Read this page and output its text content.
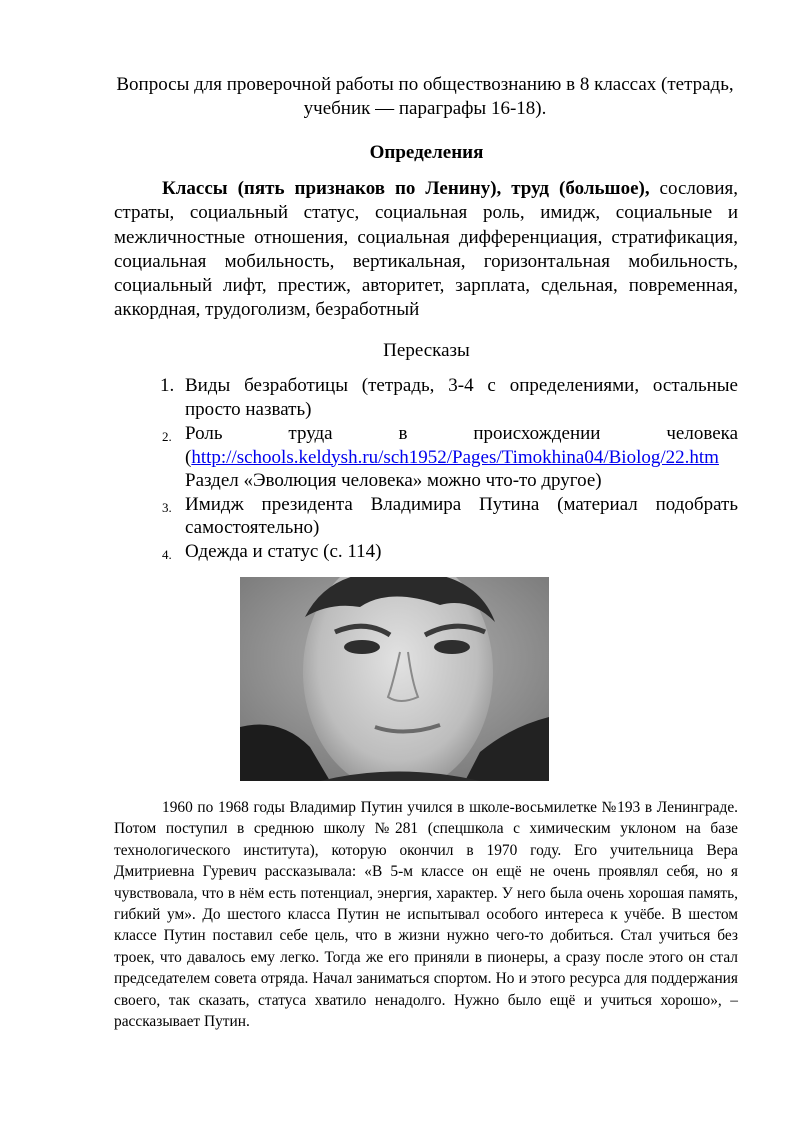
Вопросы для проверочной работы по обществознанию в 8 классах (тетрадь, учебник — параграфы 16-18).
Определения

Классы (пять признаков по Ленину), труд (большое), сословия, страты, социальный статус, социальная роль, имидж, социальные и межличностные отношения, социальная дифференциация, стратификация, социальная мобильность, вертикальная, горизонтальная мобильность, социальный лифт, престиж, авторитет, зарплата, сдельная, повременная, аккордная, трудоголизм, безработный

Пересказы
1. Виды безработицы (тетрадь, 3-4 с определениями, остальные просто назвать)
2. Роль труда в происхождении человека (http://schools.keldysh.ru/sch1952/Pages/Timokhina04/Biolog/22.htm
Раздел «Эволюция человека» можно что-то другое)
3. Имидж президента Владимира Путина (материал подобрать самостоятельно)
4. Одежда и статус (с. 114)

1960 по 1968 годы Владимир Путин учился в школе-восьмилетке №193 в Ленинграде. Потом поступил в среднюю школу №281 (спецшкола с химическим уклоном на базе технологического института), которую окончил в 1970 году. Его учительница Вера Дмитриевна Гуревич рассказывала: «В 5-м классе он ещё не очень проявлял себя, но я чувствовала, что в нём есть потенциал, энергия, характер. У него была очень хорошая память, гибкий ум». До шестого класса Путин не испытывал особого интереса к учёбе. В шестом классе Путин поставил себе цель, что в жизни нужно чего-то добиться. Стал учиться без троек, что давалось ему легко. Тогда же его приняли в пионеры, а сразу после этого он стал председателем совета отряда. Начал заниматься спортом. Но и этого ресурса для поддержания своего, так сказать, статуса хватило ненадолго. Нужно было ещё и учиться хорошо», – рассказывает Путин.
